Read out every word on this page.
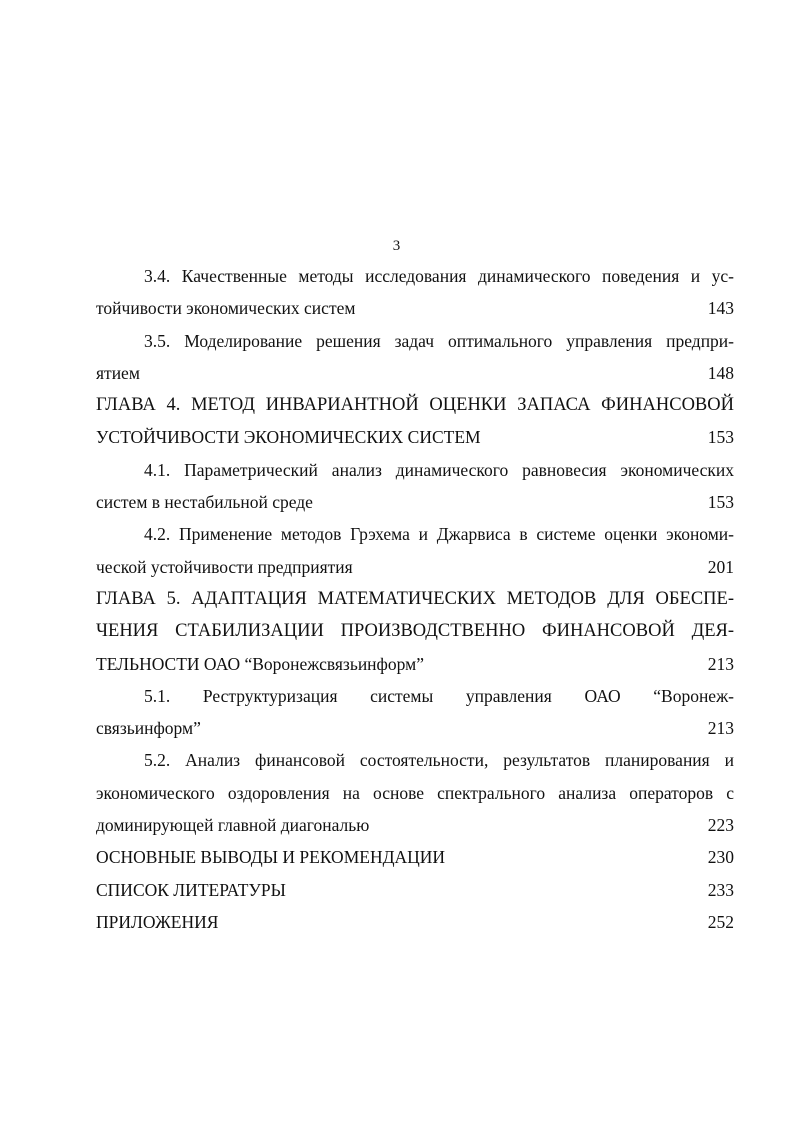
3
3.4. Качественные методы исследования динамического поведения и ус-
тойчивости экономических систем	143
3.5. Моделирование решения задач оптимального управления предпри-
ятием	148
ГЛАВА 4. МЕТОД ИНВАРИАНТНОЙ ОЦЕНКИ ЗАПАСА ФИНАНСОВОЙ
УСТОЙЧИВОСТИ ЭКОНОМИЧЕСКИХ СИСТЕМ	153
4.1. Параметрический анализ динамического равновесия экономических
систем в нестабильной среде	153
4.2. Применение методов Грэхема и Джарвиса в системе оценки экономи-
ческой устойчивости предприятия	201
ГЛАВА 5. АДАПТАЦИЯ МАТЕМАТИЧЕСКИХ МЕТОДОВ ДЛЯ ОБЕСПЕ-
ЧЕНИЯ СТАБИЛИЗАЦИИ ПРОИЗВОДСТВЕННО ФИНАНСОВОЙ ДЕЯ-
ТЕЛЬНОСТИ ОАО “Воронежсвязьинформ”	213
5.1. Реструктуризация системы управления ОАО “Воронеж-
связьинформ”	213
5.2. Анализ финансовой состоятельности, результатов планирования и
экономического оздоровления на основе спектрального анализа операторов с
доминирующей главной диагональю	223
ОСНОВНЫЕ ВЫВОДЫ И РЕКОМЕНДАЦИИ	230
СПИСОК ЛИТЕРАТУРЫ	233
ПРИЛОЖЕНИЯ	252
